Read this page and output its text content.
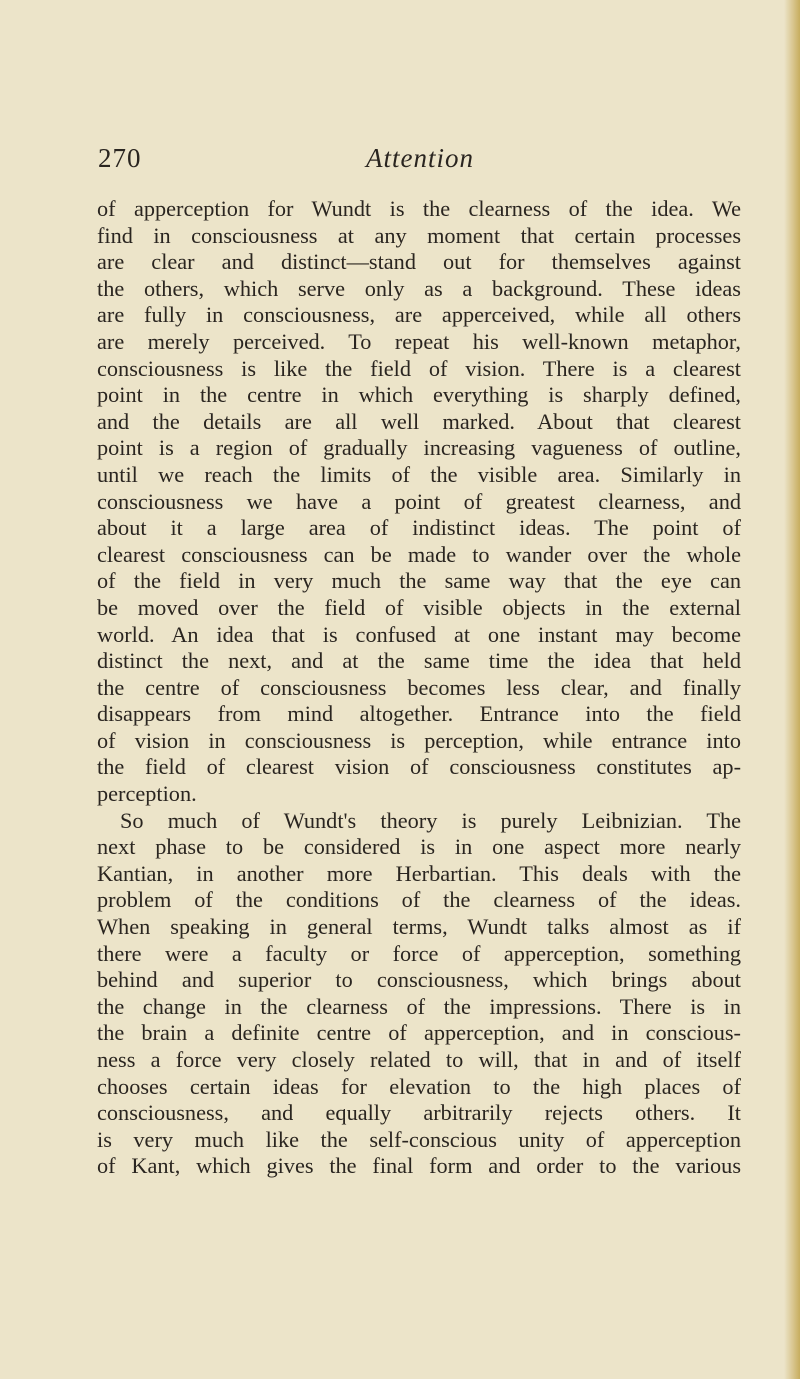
270	Attention
of apperception for Wundt is the clearness of the idea. We
find in consciousness at any moment that certain processes
are clear and distinct—stand out for themselves against
the others, which serve only as a background. These ideas
are fully in consciousness, are apperceived, while all others
are merely perceived. To repeat his well-known metaphor,
consciousness is like the field of vision. There is a clearest
point in the centre in which everything is sharply defined,
and the details are all well marked. About that clearest
point is a region of gradually increasing vagueness of outline,
until we reach the limits of the visible area. Similarly in
consciousness we have a point of greatest clearness, and
about it a large area of indistinct ideas. The point of
clearest consciousness can be made to wander over the whole
of the field in very much the same way that the eye can
be moved over the field of visible objects in the external
world. An idea that is confused at one instant may become
distinct the next, and at the same time the idea that held
the centre of consciousness becomes less clear, and finally
disappears from mind altogether. Entrance into the field
of vision in consciousness is perception, while entrance into
the field of clearest vision of consciousness constitutes ap-
perception.
So much of Wundt's theory is purely Leibnizian. The
next phase to be considered is in one aspect more nearly
Kantian, in another more Herbartian. This deals with the
problem of the conditions of the clearness of the ideas.
When speaking in general terms, Wundt talks almost as if
there were a faculty or force of apperception, something
behind and superior to consciousness, which brings about
the change in the clearness of the impressions. There is in
the brain a definite centre of apperception, and in conscious-
ness a force very closely related to will, that in and of itself
chooses certain ideas for elevation to the high places of
consciousness, and equally arbitrarily rejects others. It
is very much like the self-conscious unity of apperception
of Kant, which gives the final form and order to the various
